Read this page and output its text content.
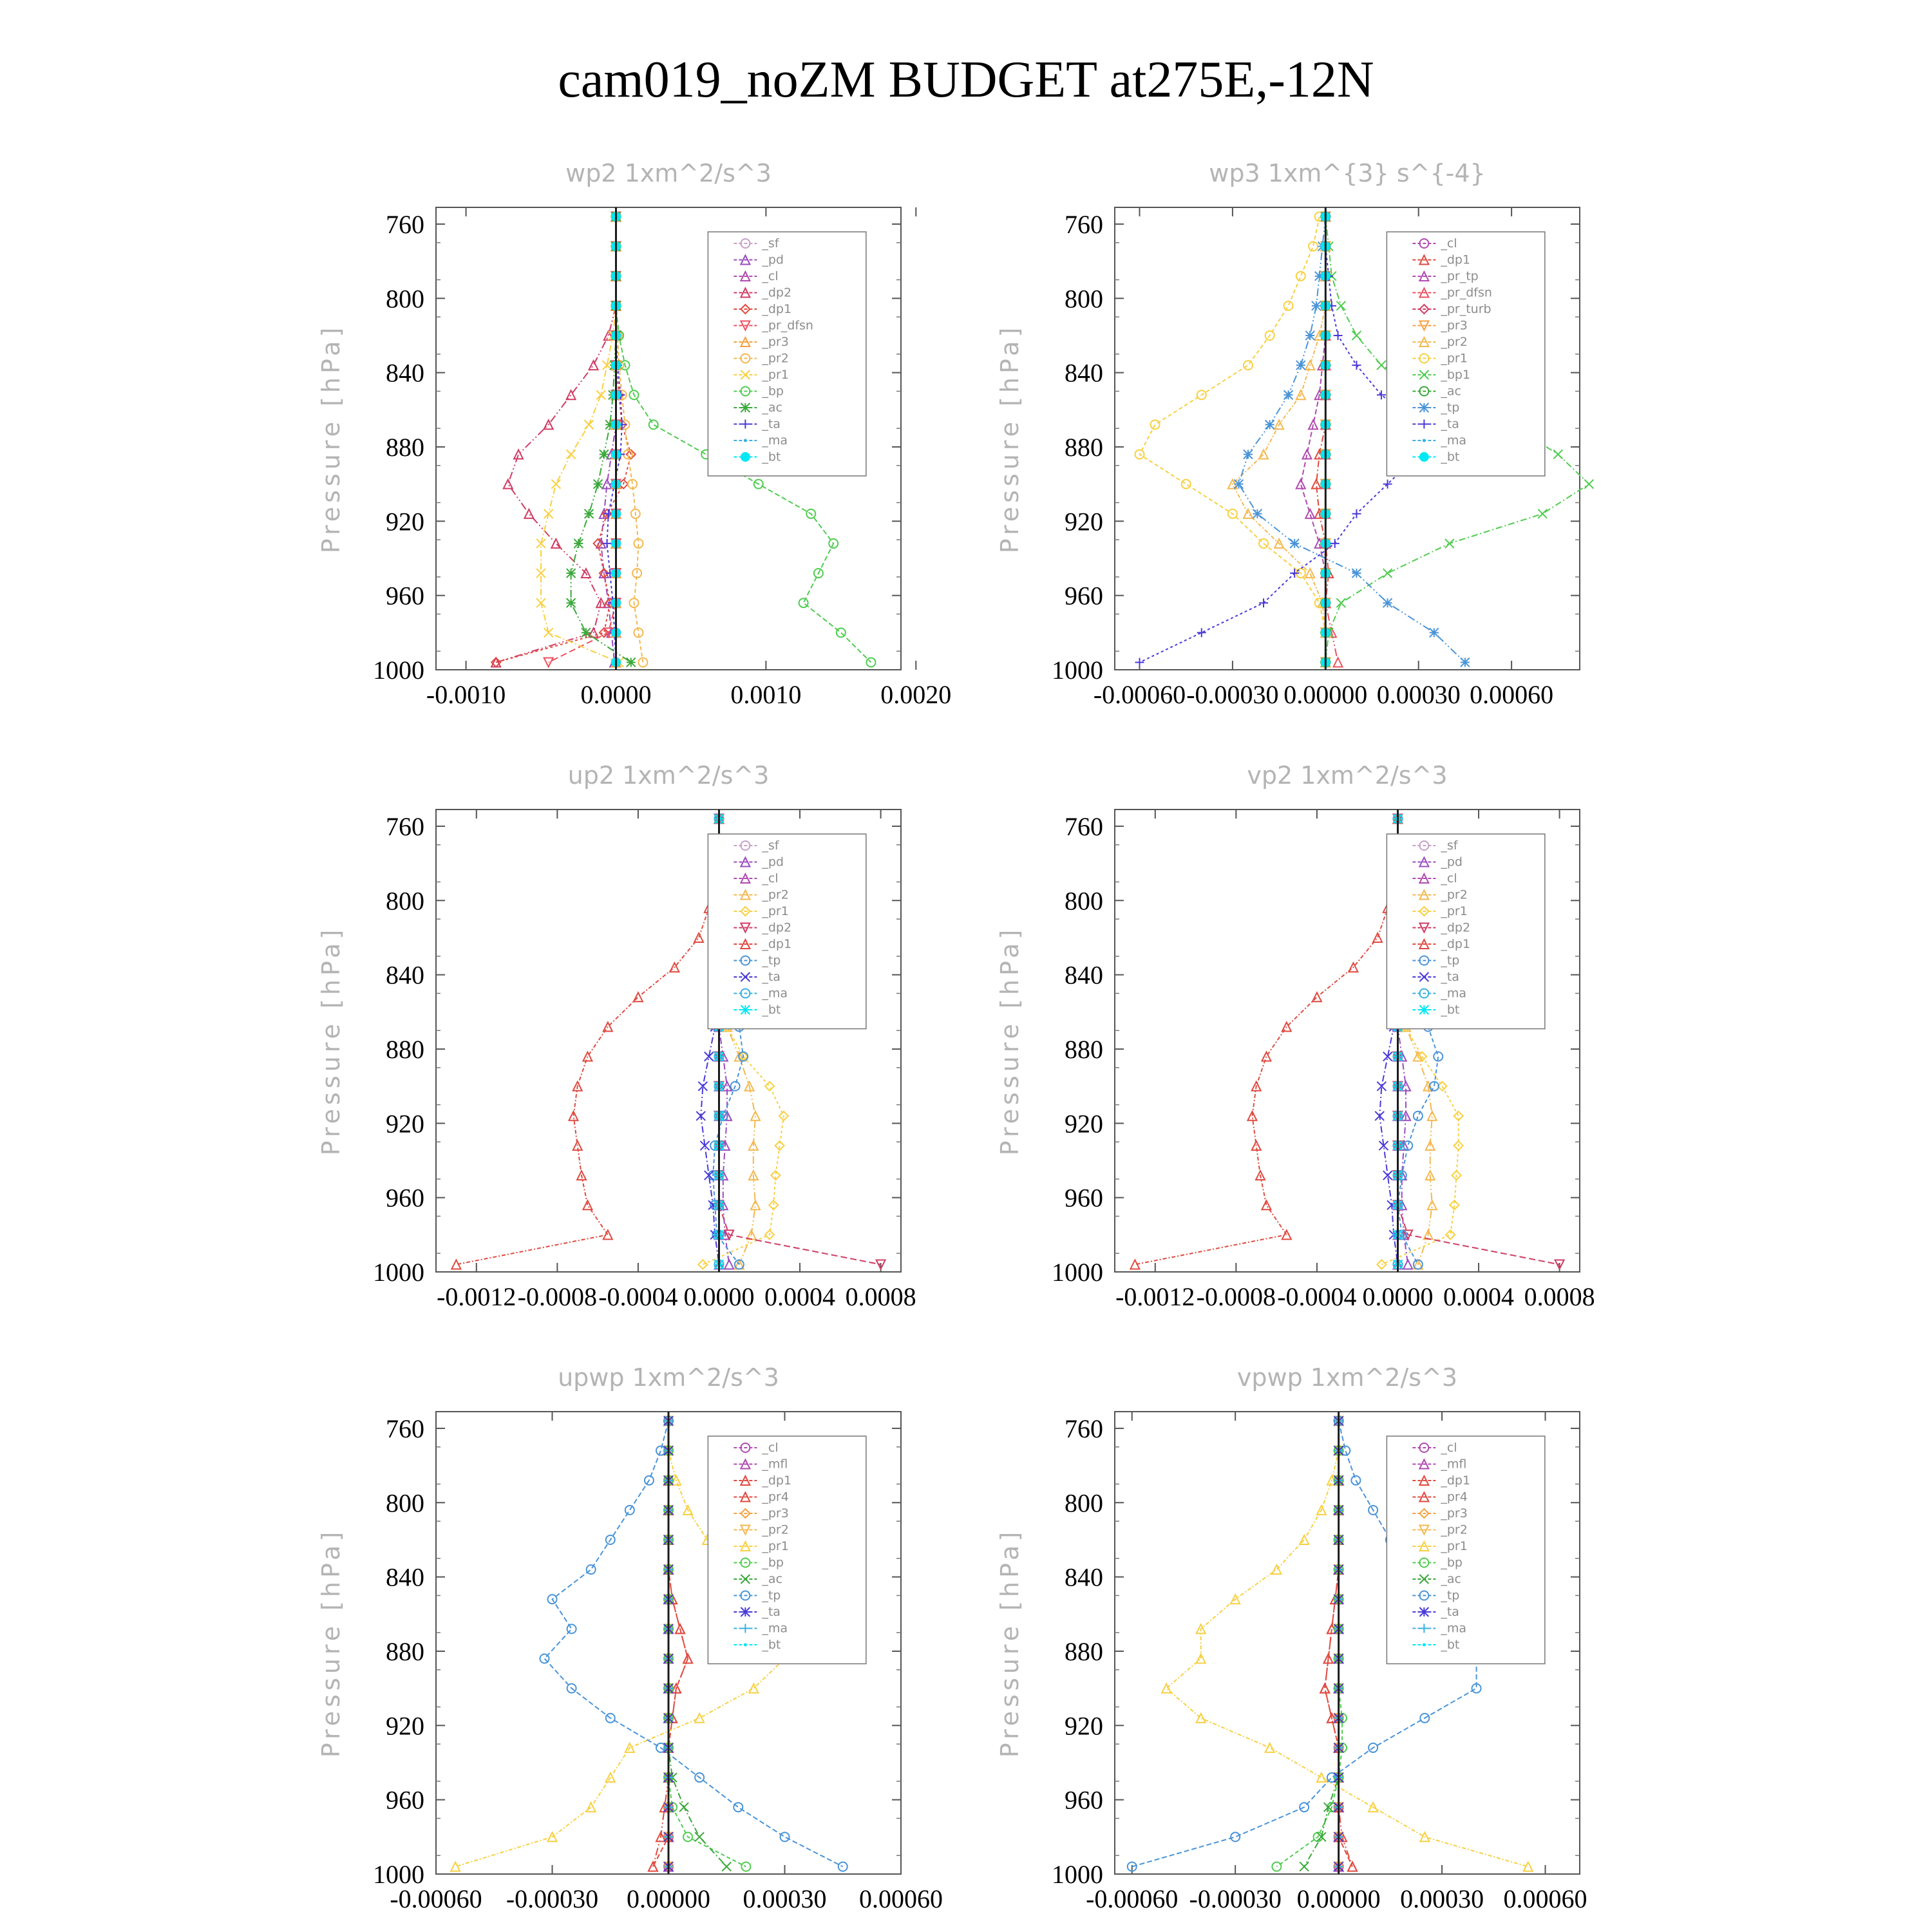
cam019_noZM BUDGET at275E,-12N
wp2 1xm^2/s^3
Pressure [hPa]
760
800
840
880
920
960
1000
-0.0010	0.0000	0.0010	0.0020
_sf
_pd
_cl
_dp2
_dp1
_pr_dfsn
_pr3
_pr2
_pr1
_bp
_ac
_ta
_ma
_bt
wp3 1xm^{3} s^{-4}
Pressure [hPa]
760
800
840
880
920
960
1000
-0.00060 -0.00030 0.00000 0.00030 0.00060
_cl
_dp1
_pr_tp
_pr_dfsn
_pr_turb
_pr3
_pr2
_pr1
_bp1
_ac
_tp
_ta
_ma
_bt
up2 1xm^2/s^3
Pressure [hPa]
760
800
840
880
920
960
1000
-0.0012 -0.0008 -0.0004 0.0000 0.0004 0.0008
_sf
_pd
_cl
_pr2
_pr1
_dp2
_dp1
_tp
_ta
_ma
_bt
vp2 1xm^2/s^3
Pressure [hPa]
760
800
840
880
920
960
1000
-0.0012 -0.0008 -0.0004 0.0000 0.0004 0.0008
_sf
_pd
_cl
_pr2
_pr1
_dp2
_dp1
_tp
_ta
_ma
_bt
upwp 1xm^2/s^3
Pressure [hPa]
760
800
840
880
920
960
1000
-0.00060 -0.00030 0.00000 0.00030 0.00060
_cl
_mfl
_dp1
_pr4
_pr3
_pr2
_pr1
_bp
_ac
_tp
_ta
_ma
_bt
vpwp 1xm^2/s^3
Pressure [hPa]
760
800
840
880
920
960
1000
-0.00060 -0.00030 0.00000 0.00030 0.00060
_cl
_mfl
_dp1
_pr4
_pr3
_pr2
_pr1
_bp
_ac
_tp
_ta
_ma
_bt
